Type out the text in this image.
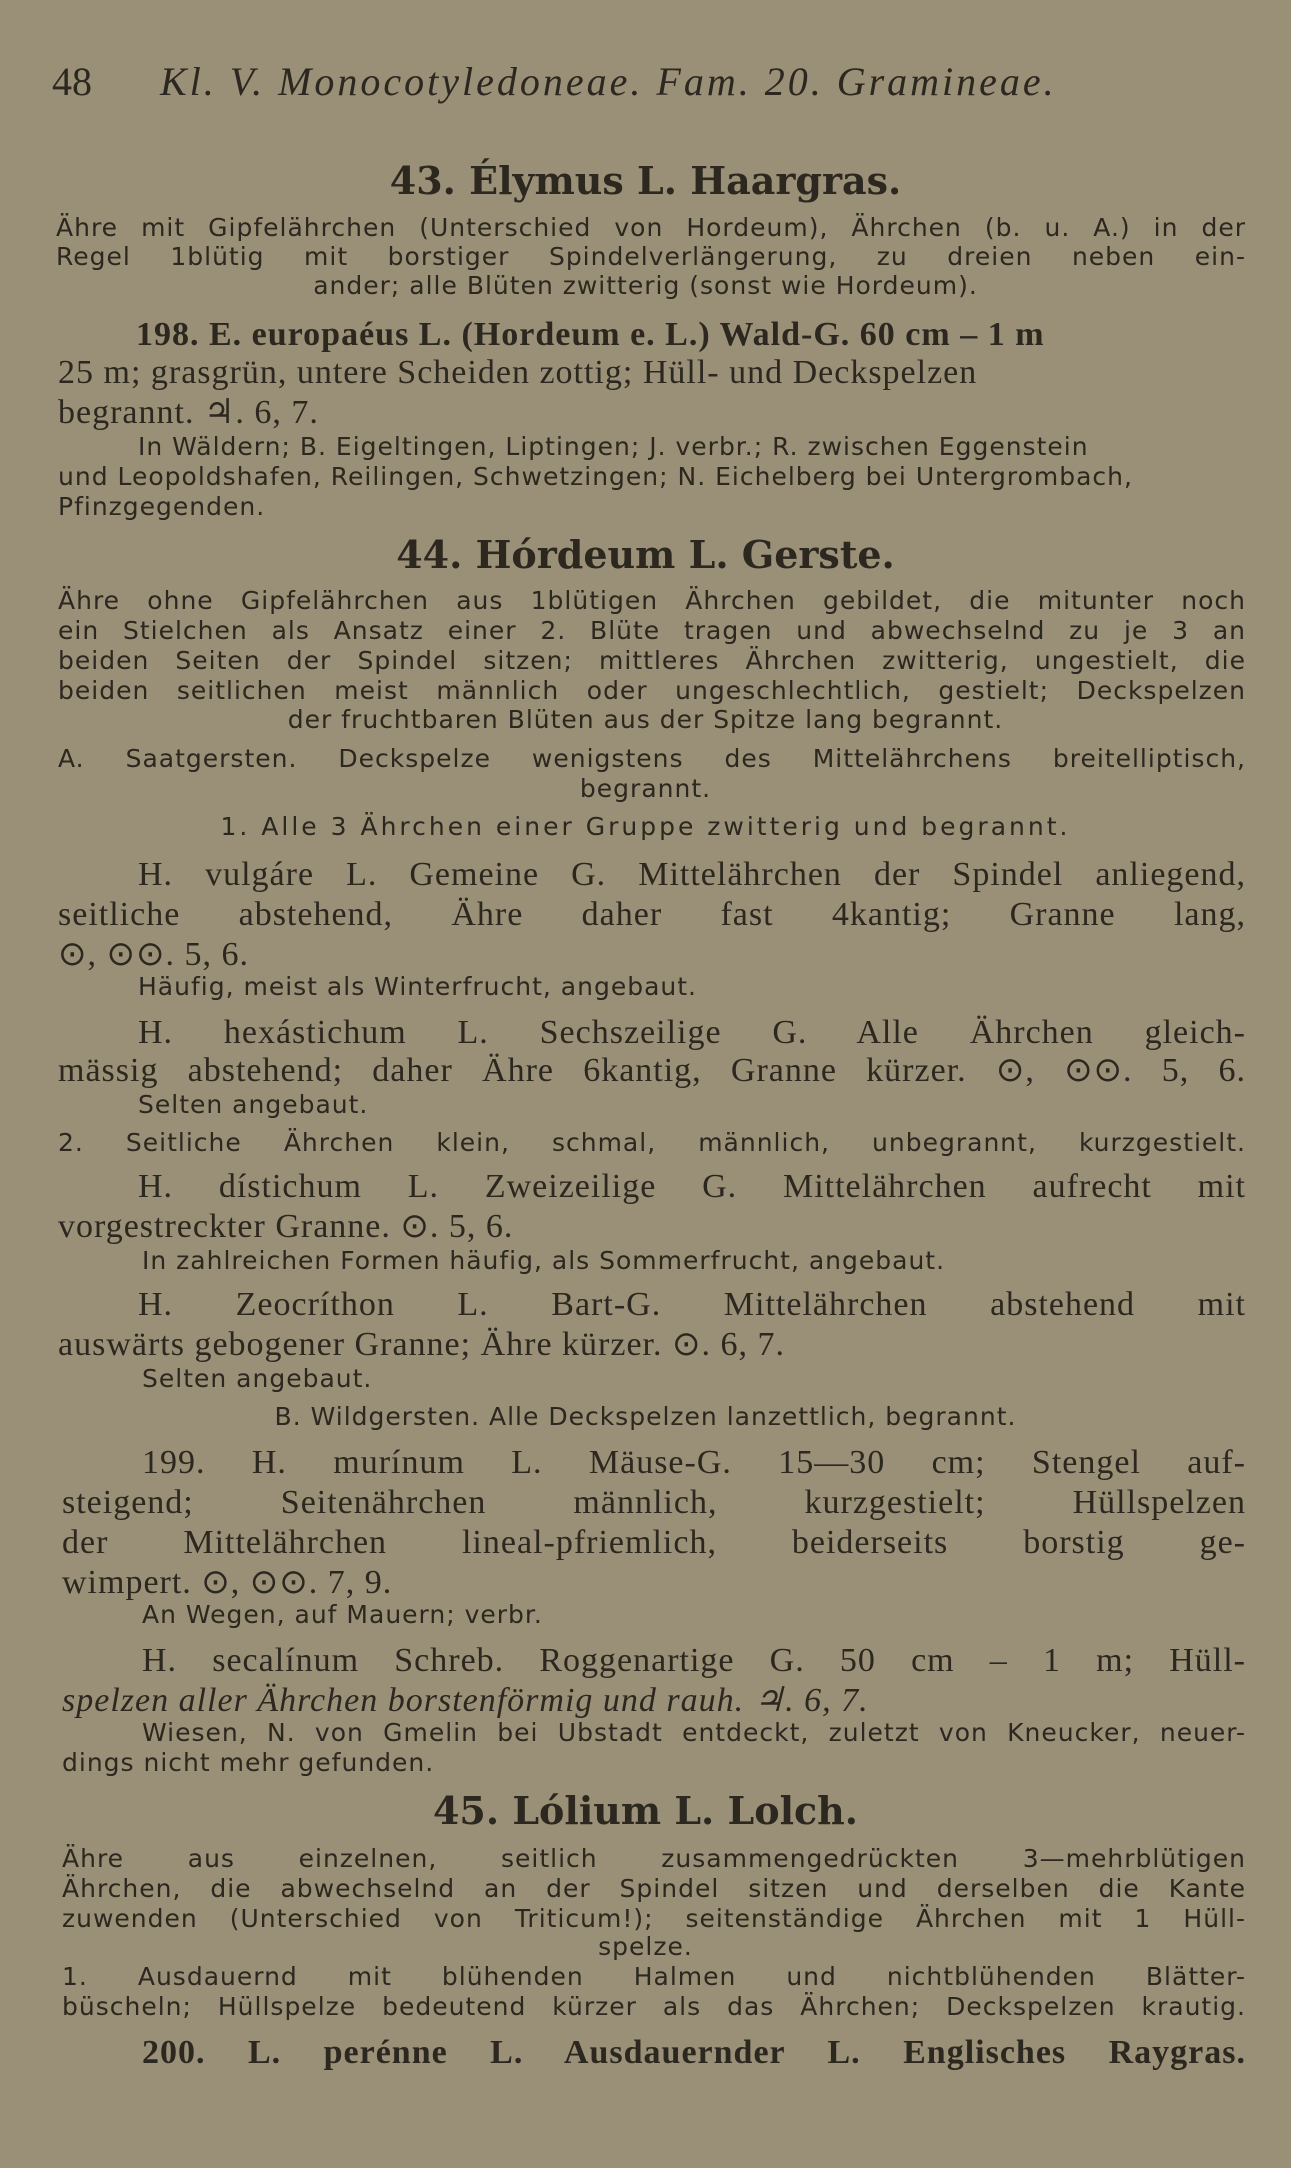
48 Kl. V. Monocotyledoneae. Fam. 20. Gramineae.
43. Élymus L. Haargras.
Ähre mit Gipfelährchen (Unterschied von Hordeum), Ährchen (b. u. A.) in der
Regel 1blütig mit borstiger Spindelverlängerung, zu dreien neben ein-
ander; alle Blüten zwitterig (sonst wie Hordeum).
198. E. europaéus L. (Hordeum e. L.) Wald-G. 60 cm – 1 m
25 m; grasgrün, untere Scheiden zottig; Hüll- und Deckspelzen
begrannt. ♃. 6, 7.
In Wäldern; B. Eigeltingen, Liptingen; J. verbr.; R. zwischen Eggenstein
und Leopoldshafen, Reilingen, Schwetzingen; N. Eichelberg bei Untergrombach,
Pfinzgegenden.
44. Hórdeum L. Gerste.
Ähre ohne Gipfelährchen aus 1blütigen Ährchen gebildet, die mitunter noch
ein Stielchen als Ansatz einer 2. Blüte tragen und abwechselnd zu je 3 an
beiden Seiten der Spindel sitzen; mittleres Ährchen zwitterig, ungestielt, die
beiden seitlichen meist männlich oder ungeschlechtlich, gestielt; Deckspelzen
der fruchtbaren Blüten aus der Spitze lang begrannt.
A. Saatgersten. Deckspelze wenigstens des Mittelährchens breitelliptisch,
begrannt.
1. Alle 3 Ährchen einer Gruppe zwitterig und begrannt.
H. vulgáre L. Gemeine G. Mittelährchen der Spindel anliegend,
seitliche abstehend, Ähre daher fast 4kantig; Granne lang,
⊙, ⊙⊙. 5, 6.
Häufig, meist als Winterfrucht, angebaut.
H. hexástichum L. Sechszeilige G. Alle Ährchen gleich-
mässig abstehend; daher Ähre 6kantig, Granne kürzer. ⊙, ⊙⊙. 5, 6.
Selten angebaut.
2. Seitliche Ährchen klein, schmal, männlich, unbegrannt, kurzgestielt.
H. dístichum L. Zweizeilige G. Mittelährchen aufrecht mit
vorgestreckter Granne. ⊙. 5, 6.
In zahlreichen Formen häufig, als Sommerfrucht, angebaut.
H. Zeocríthon L. Bart-G. Mittelährchen abstehend mit
auswärts gebogener Granne; Ähre kürzer. ⊙. 6, 7.
Selten angebaut.
B. Wildgersten. Alle Deckspelzen lanzettlich, begrannt.
199. H. murínum L. Mäuse-G. 15—30 cm; Stengel auf-
steigend; Seitenährchen männlich, kurzgestielt; Hüllspelzen
der Mittelährchen lineal-pfriemlich, beiderseits borstig ge-
wimpert. ⊙, ⊙⊙. 7, 9.
An Wegen, auf Mauern; verbr.
H. secalínum Schreb. Roggenartige G. 50 cm – 1 m; Hüll-
spelzen aller Ährchen borstenförmig und rauh. ♃. 6, 7.
Wiesen, N. von Gmelin bei Ubstadt entdeckt, zuletzt von Kneucker, neuer-
dings nicht mehr gefunden.
45. Lólium L. Lolch.
Ähre aus einzelnen, seitlich zusammengedrückten 3—mehrblütigen
Ährchen, die abwechselnd an der Spindel sitzen und derselben die Kante
zuwenden (Unterschied von Triticum!); seitenständige Ährchen mit 1 Hüll-
spelze.
1. Ausdauernd mit blühenden Halmen und nichtblühenden Blätter-
büscheln; Hüllspelze bedeutend kürzer als das Ährchen; Deckspelzen krautig.
200. L. perénne L. Ausdauernder L. Englisches Raygras.
